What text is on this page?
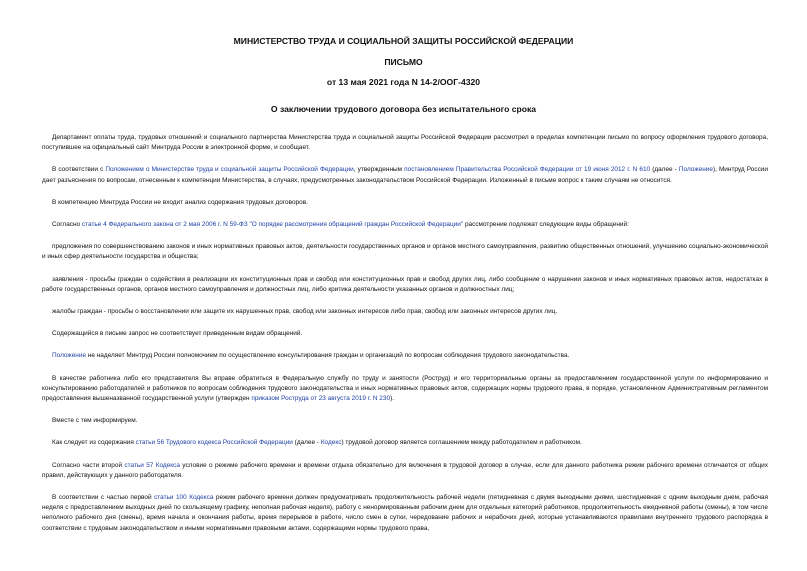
МИНИСТЕРСТВО ТРУДА И СОЦИАЛЬНОЙ ЗАЩИТЫ РОССИЙСКОЙ ФЕДЕРАЦИИ
ПИСЬМО
от 13 мая 2021 года N 14-2/ООГ-4320
О заключении трудового договора без испытательного срока

Департамент оплаты труда, трудовых отношений и социального партнерства Министерства труда и социальной защиты Российской Федерации рассмотрел в пределах компетенции письмо по вопросу оформления трудового договора, поступившее на официальный сайт Минтруда России в электронной форме, и сообщает.

В соответствии с Положением о Министерстве труда и социальной защиты Российской Федерации, утвержденным постановлением Правительства Российской Федерации от 19 июня 2012 г. N 610 (далее - Положение), Минтруд России дает разъяснения по вопросам, отнесенным к компетенции Министерства, в случаях, предусмотренных законодательством Российской Федерации. Изложенный в письме вопрос к таким случаям не относится.

В компетенцию Минтруда России не входит анализ содержания трудовых договоров.

Согласно статье 4 Федерального закона от 2 мая 2006 г. N 59-ФЗ "О порядке рассмотрения обращений граждан Российской Федерации" рассмотрение подлежат следующие виды обращений:

предложения по совершенствованию законов и иных нормативных правовых актов, деятельности государственных органов и органов местного самоуправления, развитию общественных отношений, улучшению социально-экономической и иных сфер деятельности государства и общества;

заявления - просьбы граждан о содействии в реализации их конституционных прав и свобод или конституционных прав и свобод других лиц, либо сообщение о нарушении законов и иных нормативных правовых актов, недостатках в работе государственных органов, органов местного самоуправления и должностных лиц, либо критика деятельности указанных органов и должностных лиц;

жалобы граждан - просьбы о восстановлении или защите их нарушенных прав, свобод или законных интересов либо прав, свобод или законных интересов других лиц.

Содержащийся в письме запрос не соответствует приведенным видам обращений.

Положение не наделяет Минтруд России полномочием по осуществлению консультирования граждан и организаций по вопросам соблюдения трудового законодательства.

В качестве работника либо его представителя Вы вправе обратиться в Федеральную службу по труду и занятости (Роструд) и его территориальные органы за предоставлением государственной услуги по информированию и консультированию работодателей и работников по вопросам соблюдения трудового законодательства и иных нормативных правовых актов, содержащих нормы трудового права, в порядке, установленном Административным регламентом предоставления вышеназванной государственной услуги (утвержден приказом Роструда от 23 августа 2019 г. N 230).

Вместе с тем информируем.

Как следует из содержания статьи 56 Трудового кодекса Российской Федерации (далее - Кодекс) трудовой договор является соглашением между работодателем и работником.

Согласно части второй статьи 57 Кодекса условие о режиме рабочего времени и времени отдыха обязательно для включения в трудовой договор в случае, если для данного работника режим рабочего времени отличается от общих правил, действующих у данного работодателя.

В соответствии с частью первой статьи 100 Кодекса режим рабочего времени должен предусматривать продолжительность рабочей недели (пятидневная с двумя выходными днями, шестидневная с одним выходным днем, рабочая неделя с предоставлением выходных дней по скользящему графику, неполная рабочая неделя), работу с ненормированным рабочим днем для отдельных категорий работников, продолжительность ежедневной работы (смены), в том числе неполного рабочего дня (смены), время начала и окончания работы, время перерывов в работе, число смен в сутки, чередование рабочих и нерабочих дней, которые устанавливаются правилами внутреннего трудового распорядка в соответствии с трудовым законодательством и иными нормативными правовыми актами, содержащими нормы трудового права,
